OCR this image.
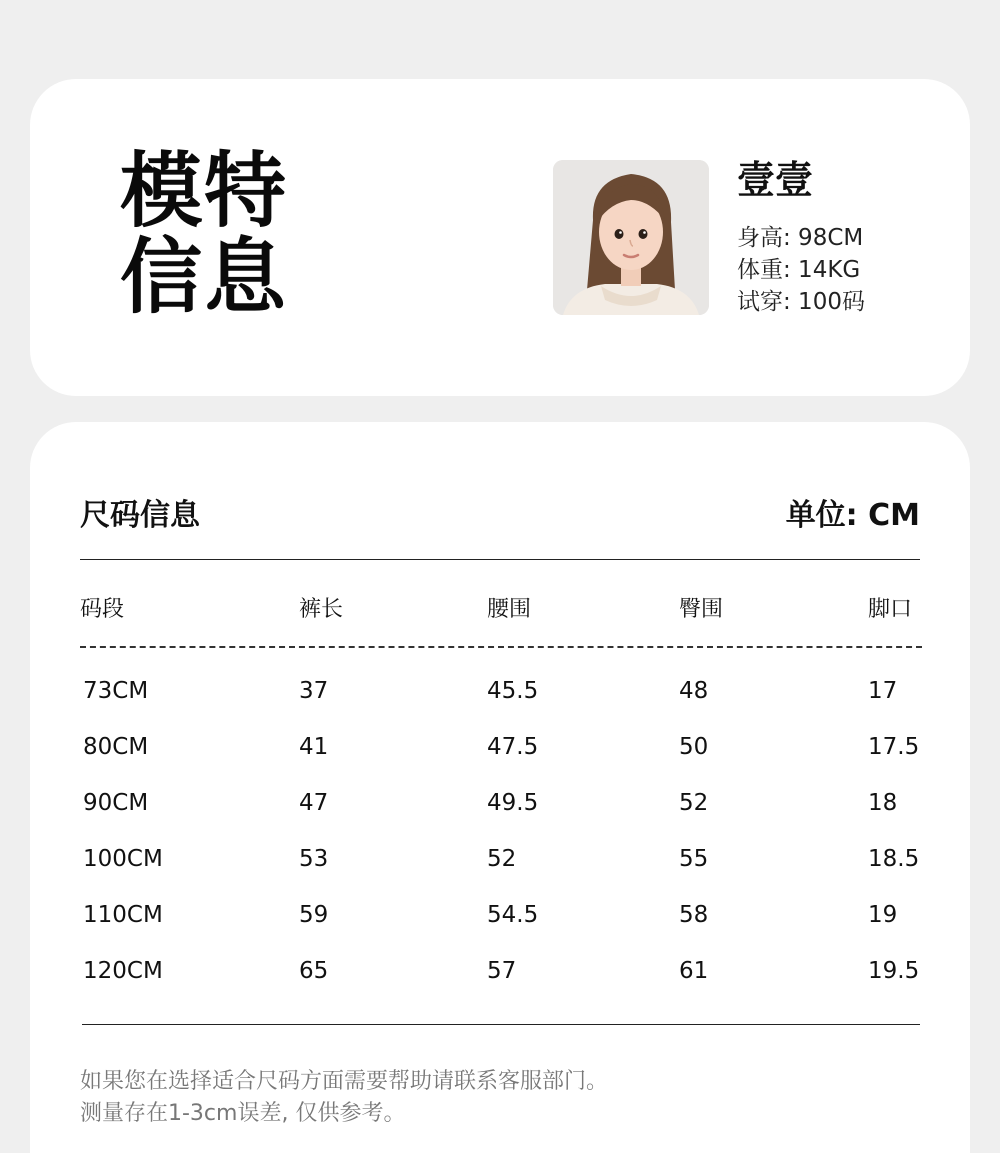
模特
信息
壹壹
身高: 98CM
体重: 14KG
试穿: 100码
尺码信息	单位: CM
码段	裤长	腰围	臀围	脚口
73CM	37	45.5	48	17
80CM	41	47.5	50	17.5
90CM	47	49.5	52	18
100CM	53	52	55	18.5
110CM	59	54.5	58	19
120CM	65	57	61	19.5
如果您在选择适合尺码方面需要帮助请联系客服部门。
测量存在1-3cm误差, 仅供参考。
